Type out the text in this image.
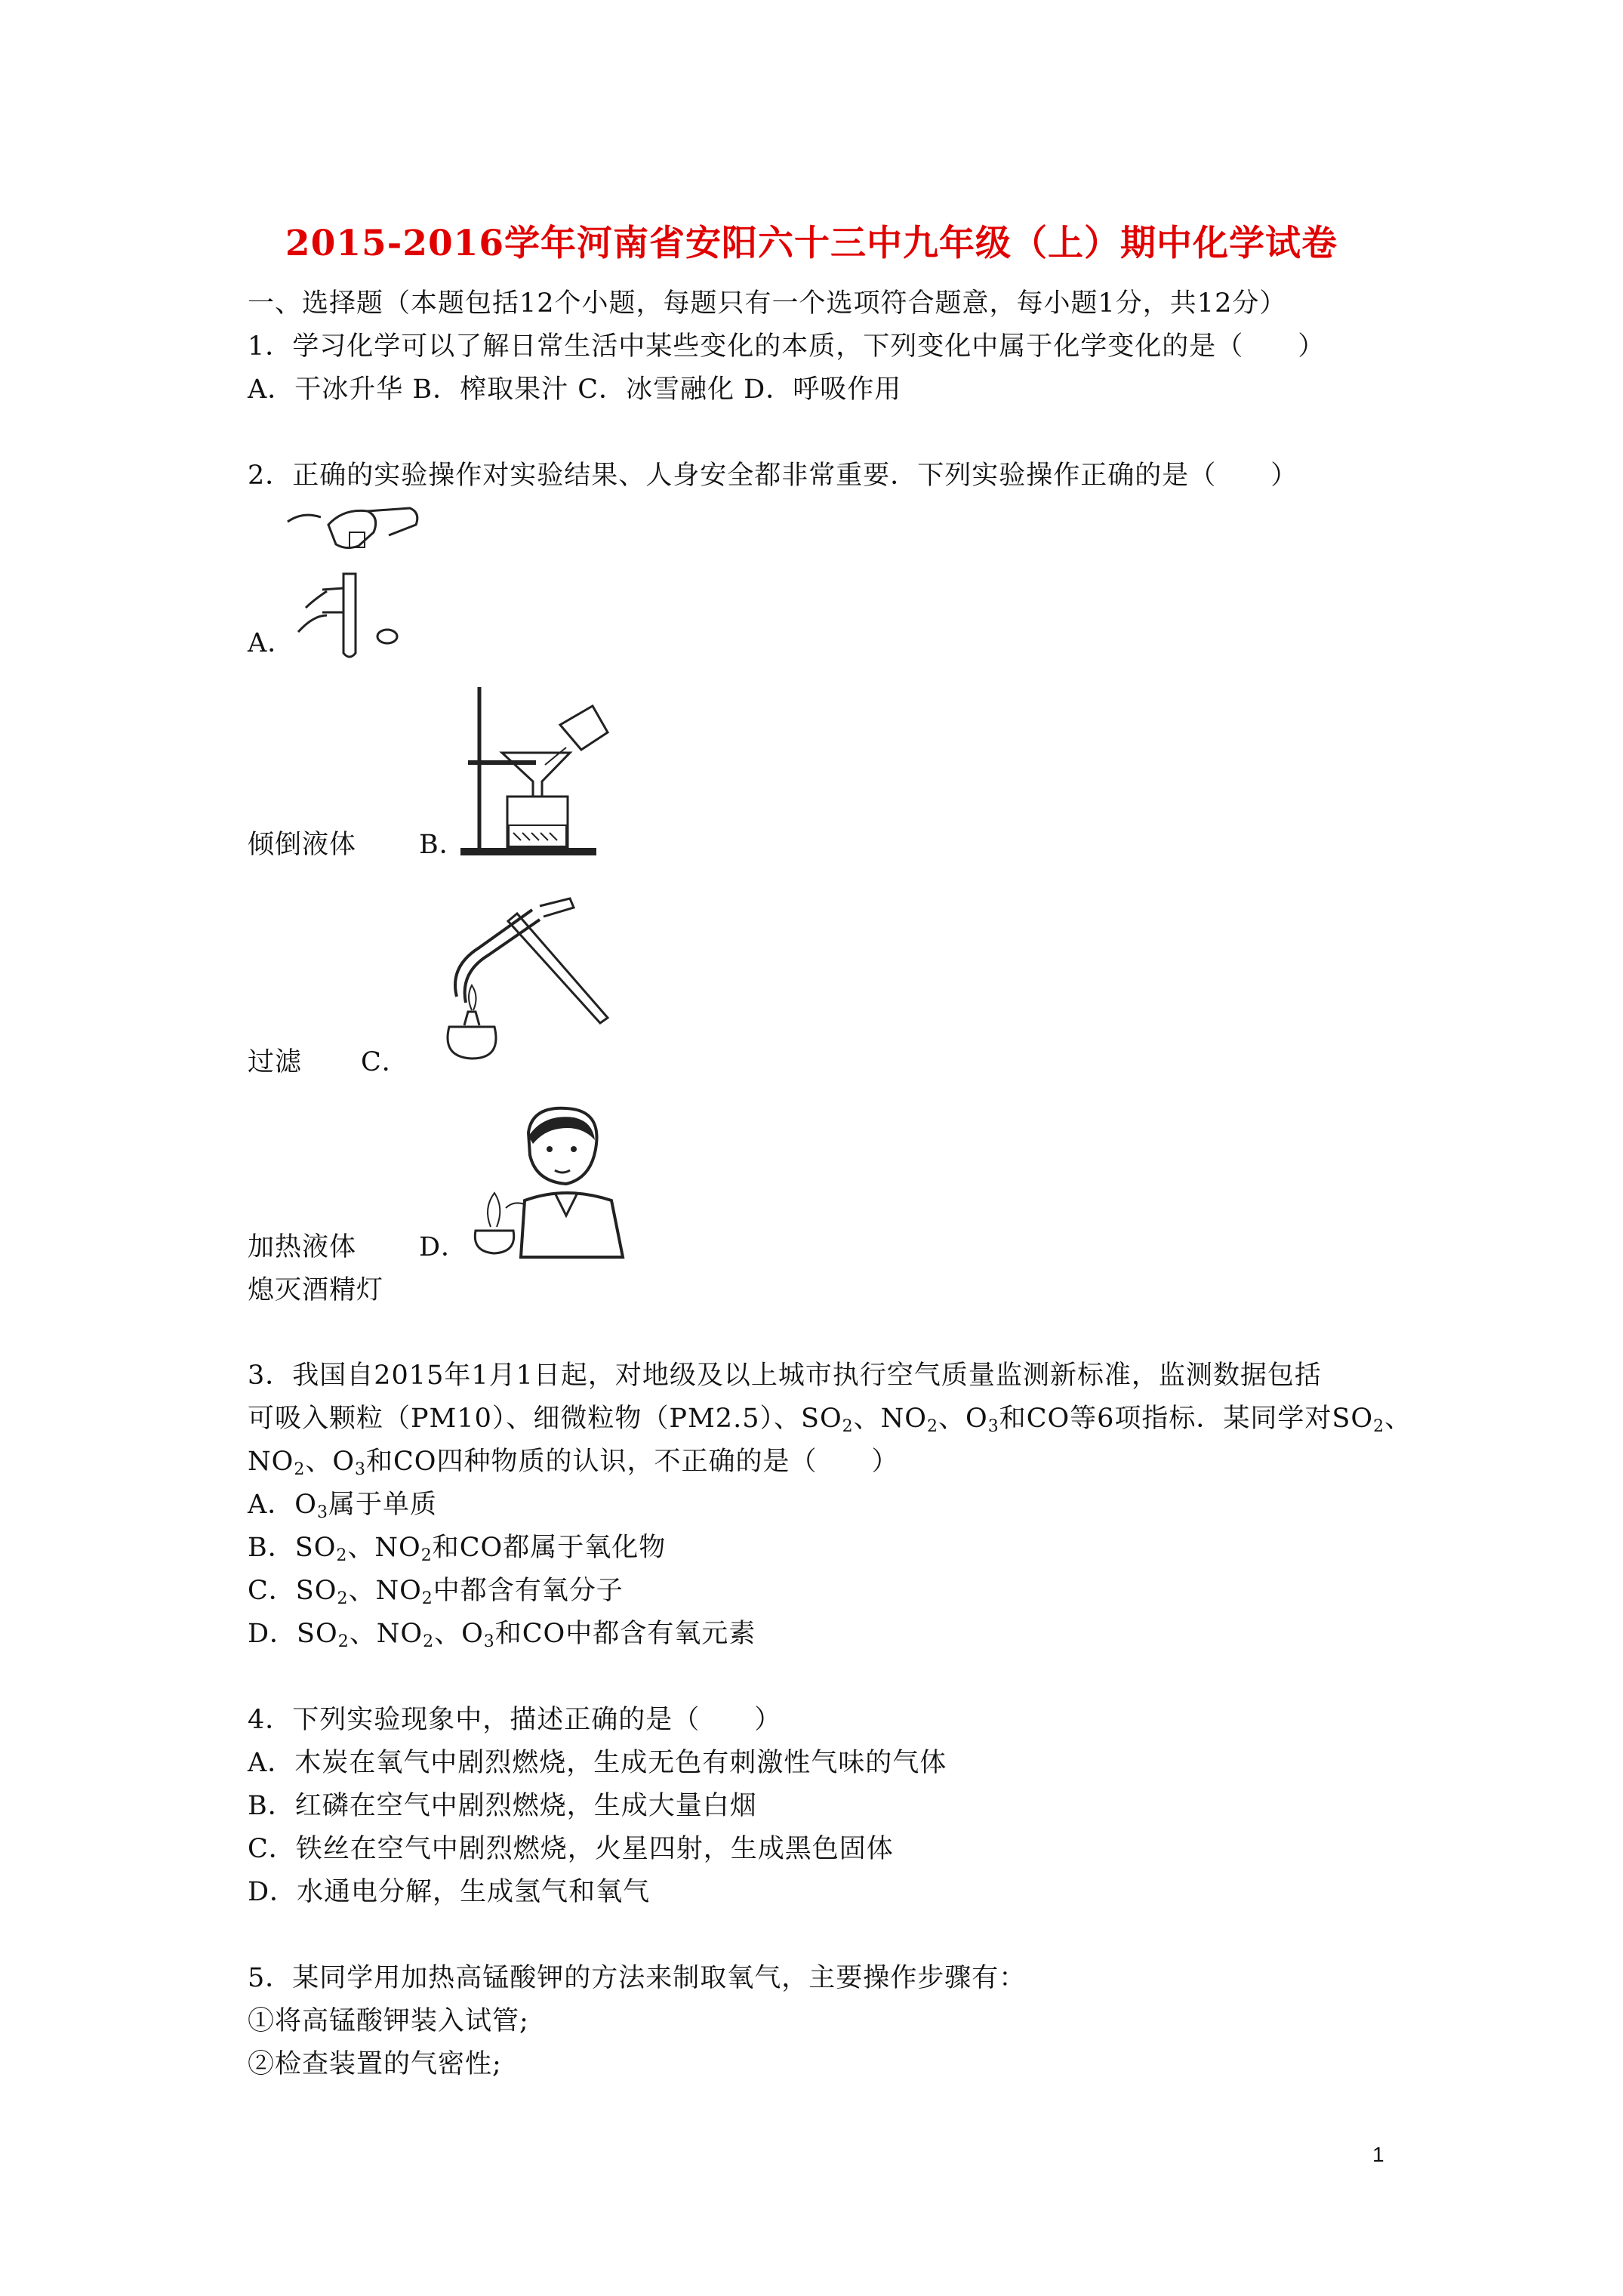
2015-2016学年河南省安阳六十三中九年级（上）期中化学试卷
一、选择题（本题包括12个小题，每题只有一个选项符合题意，每小题1分，共12分）
1．学习化学可以了解日常生活中某些变化的本质，下列变化中属于化学变化的是（　　）
A．干冰升华 B．榨取果汁 C．冰雪融化 D．呼吸作用
2．正确的实验操作对实验结果、人身安全都非常重要．下列实验操作正确的是（　　）
A．
倾倒液体 B．
过滤 C．
加热液体 D．
熄灭酒精灯
3．我国自2015年1月1日起，对地级及以上城市执行空气质量监测新标准，监测数据包括
可吸入颗粒（PM10）、细微粒物（PM2.5）、$SO_2$、$NO_2$、$O_3$和CO等6项指标．某同学对$SO_2$、
$NO_2$、$O_3$和CO四种物质的认识，不正确的是（　　）
A．$O_3$属于单质
B．$SO_2$、$NO_2$和CO都属于氧化物
C．$SO_2$、$NO_2$中都含有氧分子
D．$SO_2$、$NO_2$、$O_3$和CO中都含有氧元素
4．下列实验现象中，描述正确的是（　　）
A．木炭在氧气中剧烈燃烧，生成无色有刺激性气味的气体
B．红磷在空气中剧烈燃烧，生成大量白烟
C．铁丝在空气中剧烈燃烧，火星四射，生成黑色固体
D．水通电分解，生成氢气和氧气
5．某同学用加热高锰酸钾的方法来制取氧气，主要操作步骤有：
①将高锰酸钾装入试管;
②检查装置的气密性;
1
